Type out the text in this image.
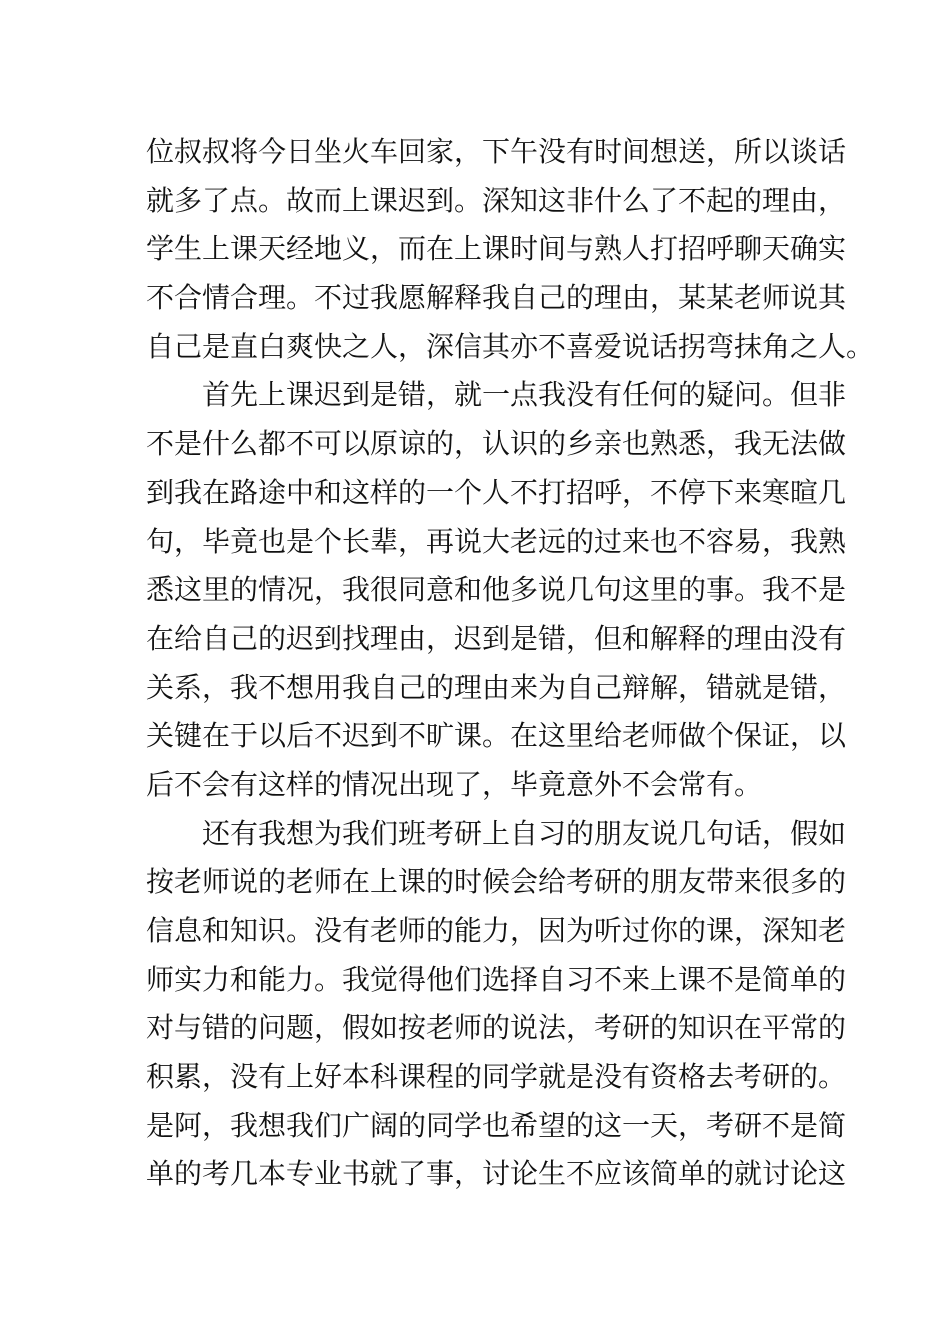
位叔叔将今日坐火车回家，下午没有时间想送，所以谈话
就多了点。故而上课迟到。深知这非什么了不起的理由，
学生上课天经地义，而在上课时间与熟人打招呼聊天确实
不合情合理。不过我愿解释我自己的理由，某某老师说其
自己是直白爽快之人，深信其亦不喜爱说话拐弯抹角之人。
首先上课迟到是错，就一点我没有任何的疑问。但非
不是什么都不可以原谅的，认识的乡亲也熟悉，我无法做
到我在路途中和这样的一个人不打招呼，不停下来寒暄几
句，毕竟也是个长辈，再说大老远的过来也不容易，我熟
悉这里的情况，我很同意和他多说几句这里的事。我不是
在给自己的迟到找理由，迟到是错，但和解释的理由没有
关系，我不想用我自己的理由来为自己辩解，错就是错，
关键在于以后不迟到不旷课。在这里给老师做个保证，以
后不会有这样的情况出现了，毕竟意外不会常有。
还有我想为我们班考研上自习的朋友说几句话，假如
按老师说的老师在上课的时候会给考研的朋友带来很多的
信息和知识。没有老师的能力，因为听过你的课，深知老
师实力和能力。我觉得他们选择自习不来上课不是简单的
对与错的问题，假如按老师的说法，考研的知识在平常的
积累，没有上好本科课程的同学就是没有资格去考研的。
是阿，我想我们广阔的同学也希望的这一天，考研不是简
单的考几本专业书就了事，讨论生不应该简单的就讨论这
